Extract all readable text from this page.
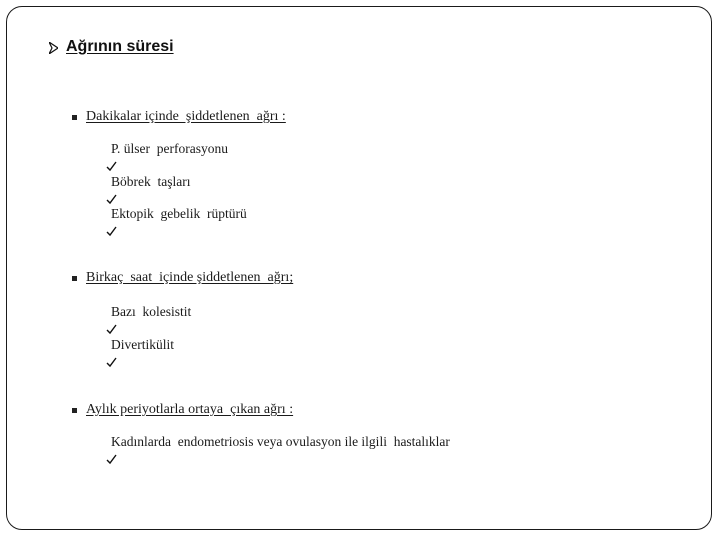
Ağrının süresi
Dakikalar içinde  şiddetlenen  ağrı :

P. ülser  perforasyonu

Böbrek  taşları

Ektopik  gebelik  rüptürü
Birkaç  saat  içinde şiddetlenen  ağrı;

Bazı  kolesistit

Divertikülit
Aylık periyotlarla ortaya  çıkan ağrı :

Kadınlarda  endometriosis veya ovulasyon ile ilgili  hastalıklar
